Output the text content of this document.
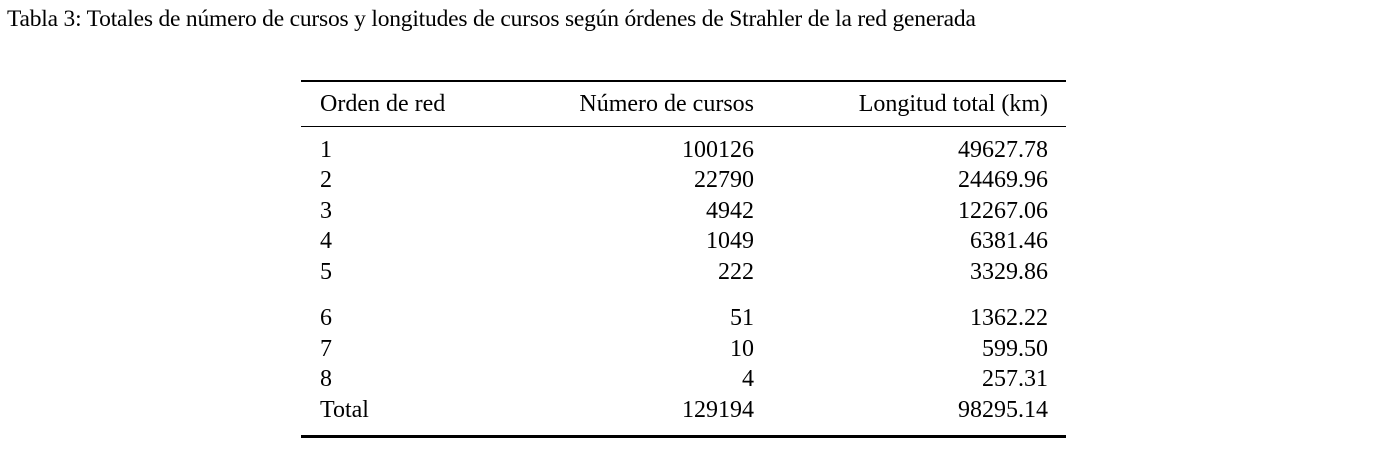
Tabla 3: Totales de número de cursos y longitudes de cursos según órdenes de Strahler de la red generada
Orden de red	Número de cursos	Longitud total (km)
1	100126	49627.78
2	22790	24469.96
3	4942	12267.06
4	1049	6381.46
5	222	3329.86
6	51	1362.22
7	10	599.50
8	4	257.31
Total	129194	98295.14
